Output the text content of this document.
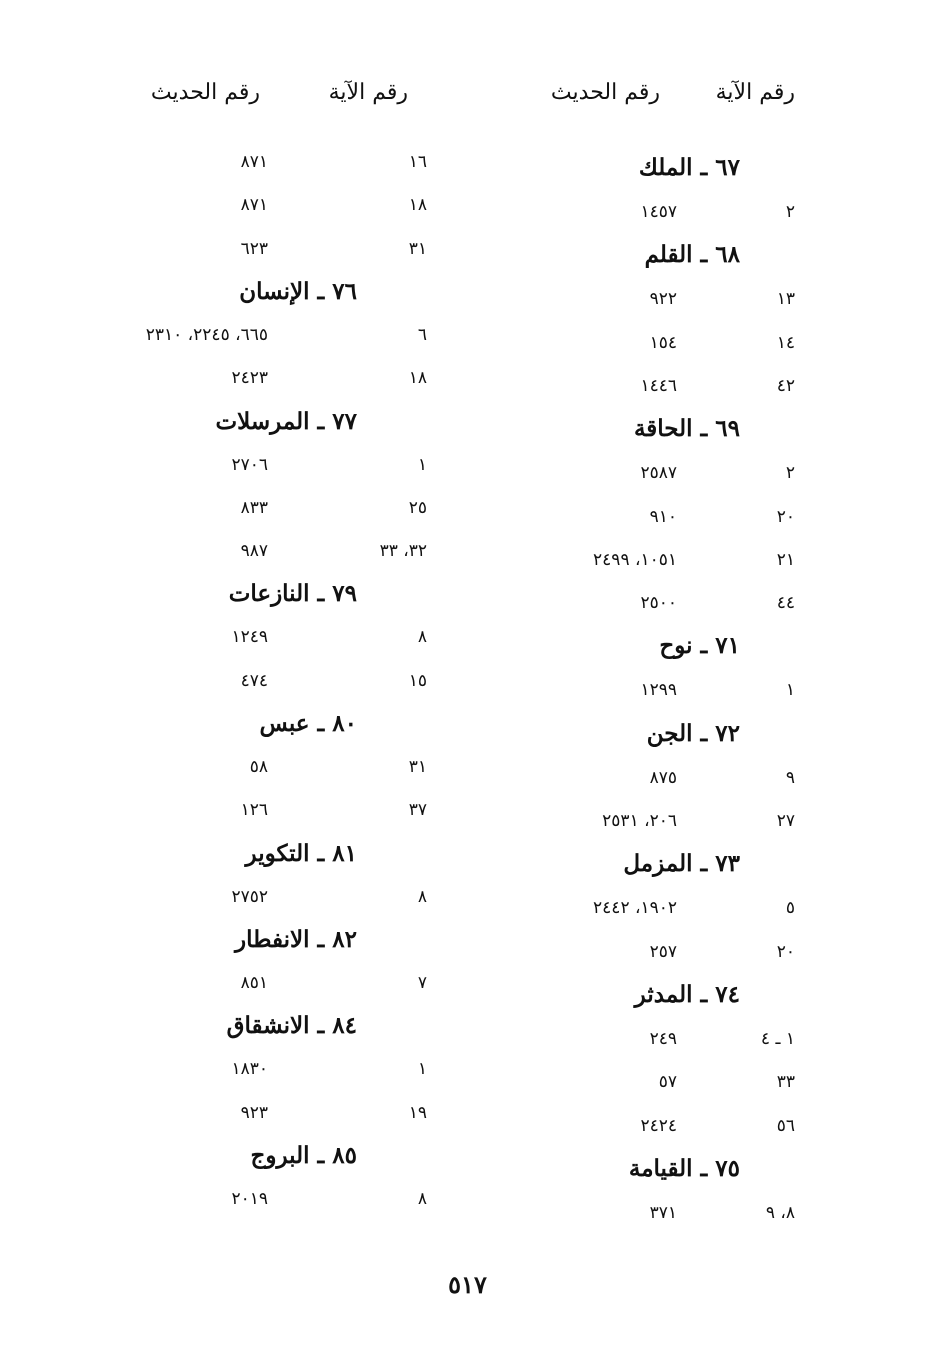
رقم الآية
رقم الحديث
رقم الآية
رقم الحديث
٦٧ ـ الملك
٢
١٤٥٧
٦٨ ـ القلم
١٣
٩٢٢
١٤
١٥٤
٤٢
١٤٤٦
٦٩ ـ الحاقة
٢
٢٥٨٧
٢٠
٩١٠
٢١
١٠٥١، ٢٤٩٩
٤٤
٢٥٠٠
٧١ ـ نوح
١
١٢٩٩
٧٢ ـ الجن
٩
٨٧٥
٢٧
٢٠٦، ٢٥٣١
٧٣ ـ المزمل
٥
١٩٠٢، ٢٤٤٢
٢٠
٢٥٧
٧٤ ـ المدثر
١ ـ ٤
٢٤٩
٣٣
٥٧
٥٦
٢٤٢٤
٧٥ ـ القيامة
٨، ٩
٣٧١
١٦
٨٧١
١٨
٨٧١
٣١
٦٢٣
٧٦ ـ الإنسان
٦
٦٦٥، ٢٢٤٥، ٢٣١٠
١٨
٢٤٢٣
٧٧ ـ المرسلات
١
٢٧٠٦
٢٥
٨٣٣
٣٢، ٣٣
٩٨٧
٧٩ ـ النازعات
٨
١٢٤٩
١٥
٤٧٤
٨٠ ـ عبس
٣١
٥٨
٣٧
١٢٦
٨١ ـ التكوير
٨
٢٧٥٢
٨٢ ـ الانفطار
٧
٨٥١
٨٤ ـ الانشقاق
١
١٨٣٠
١٩
٩٢٣
٨٥ ـ البروج
٨
٢٠١٩
٥١٧
